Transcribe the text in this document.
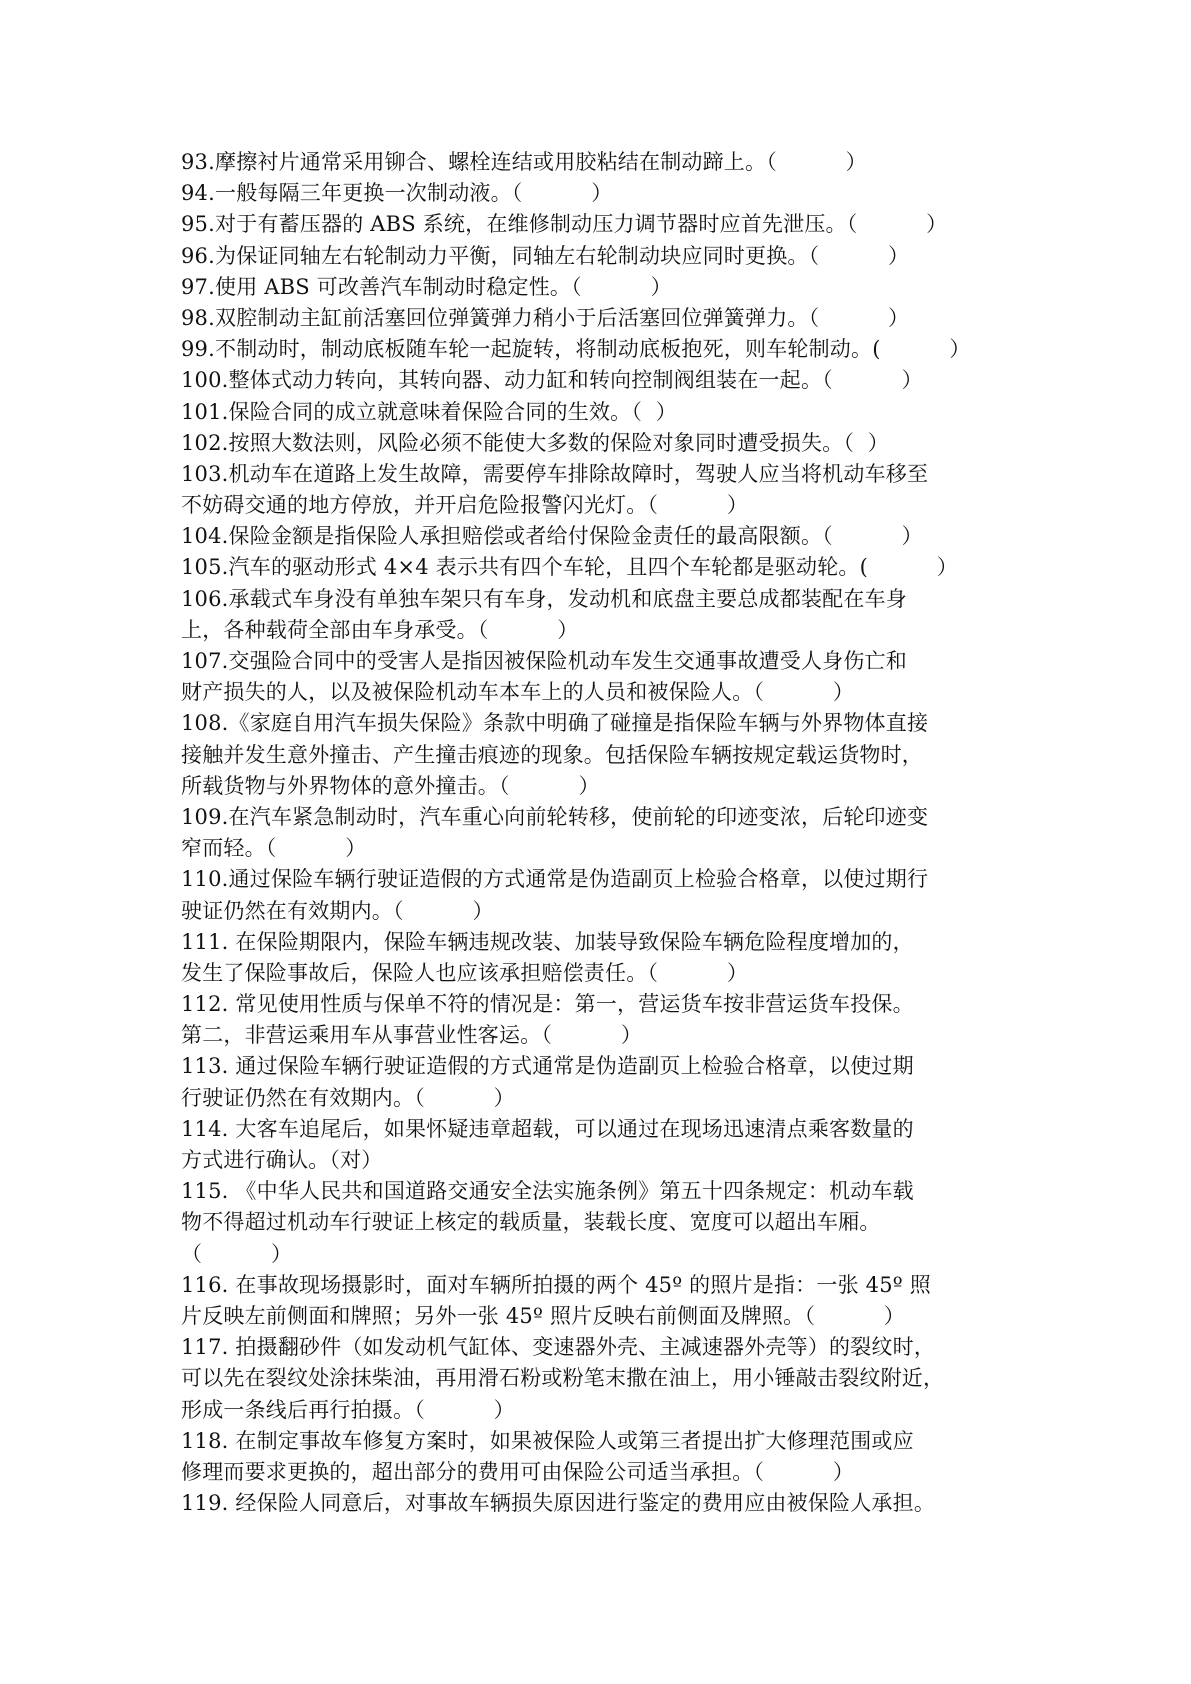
93.摩擦衬片通常采用铆合、螺栓连结或用胶粘结在制动蹄上。（          ）
94.一般每隔三年更换一次制动液。（          ）
95.对于有蓄压器的 ABS 系统，在维修制动压力调节器时应首先泄压。（          ）
96.为保证同轴左右轮制动力平衡，同轴左右轮制动块应同时更换。（          ）
97.使用 ABS 可改善汽车制动时稳定性。（          ）
98.双腔制动主缸前活塞回位弹簧弹力稍小于后活塞回位弹簧弹力。（          ）
99.不制动时，制动底板随车轮一起旋转，将制动底板抱死，则车轮制动。(          ）
100.整体式动力转向，其转向器、动力缸和转向控制阀组装在一起。（          ）
101.保险合同的成立就意味着保险合同的生效。（  ）
102.按照大数法则，风险必须不能使大多数的保险对象同时遭受损失。（  ）
103.机动车在道路上发生故障，需要停车排除故障时，驾驶人应当将机动车移至
不妨碍交通的地方停放，并开启危险报警闪光灯。（          ）
104.保险金额是指保险人承担赔偿或者给付保险金责任的最高限额。（          ）
105.汽车的驱动形式 4×4 表示共有四个车轮，且四个车轮都是驱动轮。(          ）
106.承载式车身没有单独车架只有车身，发动机和底盘主要总成都装配在车身
上，各种载荷全部由车身承受。（          ）
107.交强险合同中的受害人是指因被保险机动车发生交通事故遭受人身伤亡和
财产损失的人，以及被保险机动车本车上的人员和被保险人。（          ）
108.《家庭自用汽车损失保险》条款中明确了碰撞是指保险车辆与外界物体直接
接触并发生意外撞击、产生撞击痕迹的现象。包括保险车辆按规定载运货物时，
所载货物与外界物体的意外撞击。（          ）
109.在汽车紧急制动时，汽车重心向前轮转移，使前轮的印迹变浓，后轮印迹变
窄而轻。（          ）
110.通过保险车辆行驶证造假的方式通常是伪造副页上检验合格章，以使过期行
驶证仍然在有效期内。（          ）
111. 在保险期限内，保险车辆违规改装、加装导致保险车辆危险程度增加的，
发生了保险事故后，保险人也应该承担赔偿责任。（          ）
112. 常见使用性质与保单不符的情况是：第一，营运货车按非营运货车投保。
第二，非营运乘用车从事营业性客运。（          ）
113. 通过保险车辆行驶证造假的方式通常是伪造副页上检验合格章，以使过期
行驶证仍然在有效期内。（          ）
114. 大客车追尾后，如果怀疑违章超载，可以通过在现场迅速清点乘客数量的
方式进行确认。（对）
115. 《中华人民共和国道路交通安全法实施条例》第五十四条规定：机动车载
物不得超过机动车行驶证上核定的载质量，装载长度、宽度可以超出车厢。
（          ）
116. 在事故现场摄影时，面对车辆所拍摄的两个 45º 的照片是指：一张 45º 照
片反映左前侧面和牌照；另外一张 45º 照片反映右前侧面及牌照。（          ）
117. 拍摄翻砂件（如发动机气缸体、变速器外壳、主减速器外壳等）的裂纹时，
可以先在裂纹处涂抹柴油，再用滑石粉或粉笔末撒在油上，用小锤敲击裂纹附近，
形成一条线后再行拍摄。（          ）
118. 在制定事故车修复方案时，如果被保险人或第三者提出扩大修理范围或应
修理而要求更换的，超出部分的费用可由保险公司适当承担。（          ）
119. 经保险人同意后，对事故车辆损失原因进行鉴定的费用应由被保险人承担。
